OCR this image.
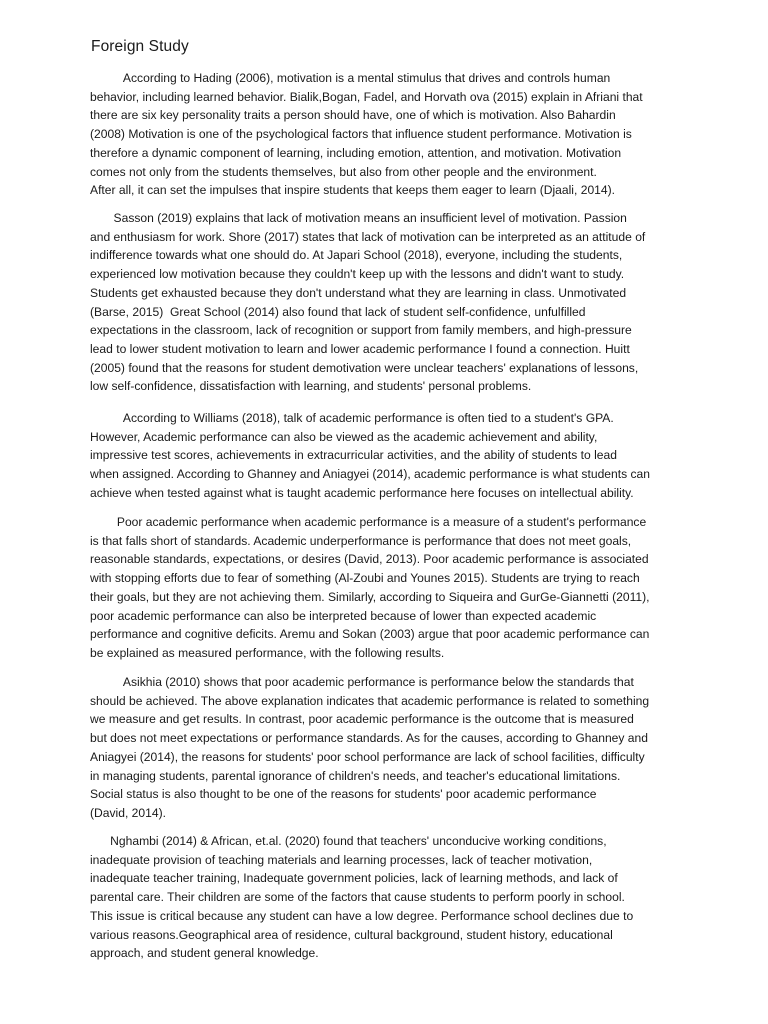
Foreign Study

According to Hading (2006), motivation is a mental stimulus that drives and controls human
behavior, including learned behavior. Bialik,Bogan, Fadel, and Horvath ova (2015) explain in Afriani that
there are six key personality traits a person should have, one of which is motivation. Also Bahardin
(2008) Motivation is one of the psychological factors that influence student performance. Motivation is
therefore a dynamic component of learning, including emotion, attention, and motivation. Motivation
comes not only from the students themselves, but also from other people and the environment.
After all, it can set the impulses that inspire students that keeps them eager to learn (Djaali, 2014).

Sasson (2019) explains that lack of motivation means an insufficient level of motivation. Passion
and enthusiasm for work. Shore (2017) states that lack of motivation can be interpreted as an attitude of
indifference towards what one should do. At Japari School (2018), everyone, including the students,
experienced low motivation because they couldn't keep up with the lessons and didn't want to study.
Students get exhausted because they don't understand what they are learning in class. Unmotivated
(Barse, 2015)  Great School (2014) also found that lack of student self-confidence, unfulfilled
expectations in the classroom, lack of recognition or support from family members, and high-pressure
lead to lower student motivation to learn and lower academic performance I found a connection. Huitt
(2005) found that the reasons for student demotivation were unclear teachers' explanations of lessons,
low self-confidence, dissatisfaction with learning, and students' personal problems.

According to Williams (2018), talk of academic performance is often tied to a student's GPA.
However, Academic performance can also be viewed as the academic achievement and ability,
impressive test scores, achievements in extracurricular activities, and the ability of students to lead
when assigned. According to Ghanney and Aniagyei (2014), academic performance is what students can
achieve when tested against what is taught academic performance here focuses on intellectual ability.

Poor academic performance when academic performance is a measure of a student's performance
is that falls short of standards. Academic underperformance is performance that does not meet goals,
reasonable standards, expectations, or desires (David, 2013). Poor academic performance is associated
with stopping efforts due to fear of something (Al-Zoubi and Younes 2015). Students are trying to reach
their goals, but they are not achieving them. Similarly, according to Siqueira and GurGe-Giannetti (2011),
poor academic performance can also be interpreted because of lower than expected academic
performance and cognitive deficits. Aremu and Sokan (2003) argue that poor academic performance can
be explained as measured performance, with the following results.

Asikhia (2010) shows that poor academic performance is performance below the standards that
should be achieved. The above explanation indicates that academic performance is related to something
we measure and get results. In contrast, poor academic performance is the outcome that is measured
but does not meet expectations or performance standards. As for the causes, according to Ghanney and
Aniagyei (2014), the reasons for students' poor school performance are lack of school facilities, difficulty
in managing students, parental ignorance of children's needs, and teacher's educational limitations.
Social status is also thought to be one of the reasons for students' poor academic performance
(David, 2014).

Nghambi (2014) & African, et.al. (2020) found that teachers' unconducive working conditions,
inadequate provision of teaching materials and learning processes, lack of teacher motivation,
inadequate teacher training, Inadequate government policies, lack of learning methods, and lack of
parental care. Their children are some of the factors that cause students to perform poorly in school.
This issue is critical because any student can have a low degree. Performance school declines due to
various reasons.Geographical area of residence, cultural background, student history, educational
approach, and student general knowledge.
